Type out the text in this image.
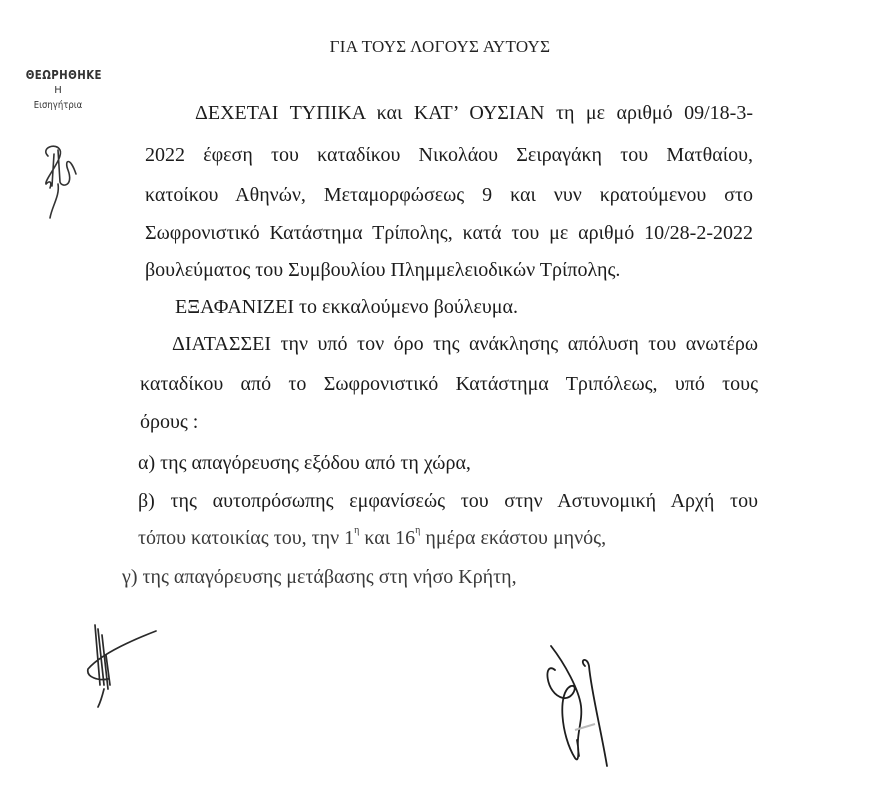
ΓΙΑ ΤΟΥΣ ΛΟΓΟΥΣ ΑΥΤΟΥΣ
ΘΕΩΡΗΘΗΚΕ
Η
Εισηγήτρια	ΔΕΧΕΤΑΙ ΤΥΠΙΚΑ και ΚΑΤ’ ΟΥΣΙΑΝ τη με αριθμό 09/18-3-
2022 έφεση του καταδίκου Νικολάου Σειραγάκη του Ματθαίου,
κατοίκου Αθηνών, Μεταμορφώσεως 9 και νυν κρατούμενου στο
Σωφρονιστικό Κατάστημα Τρίπολης, κατά του με αριθμό 10/28-2-2022
βουλεύματος του Συμβουλίου Πλημμελειοδικών Τρίπολης.
ΕΞΑΦΑΝΙΖΕΙ το εκκαλούμενο βούλευμα.
ΔΙΑΤΑΣΣΕΙ την υπό τον όρο της ανάκλησης απόλυση του ανωτέρω
καταδίκου από το Σωφρονιστικό Κατάστημα Τριπόλεως, υπό τους
όρους :
α) της απαγόρευσης εξόδου από τη χώρα,
β) της αυτοπρόσωπης εμφανίσεώς του στην Αστυνομική Αρχή του
τόπου κατοικίας του, την $1^\eta$ και $16^\eta$ ημέρα εκάστου μηνός,
γ) της απαγόρευσης μετάβασης στη νήσο Κρήτη,
